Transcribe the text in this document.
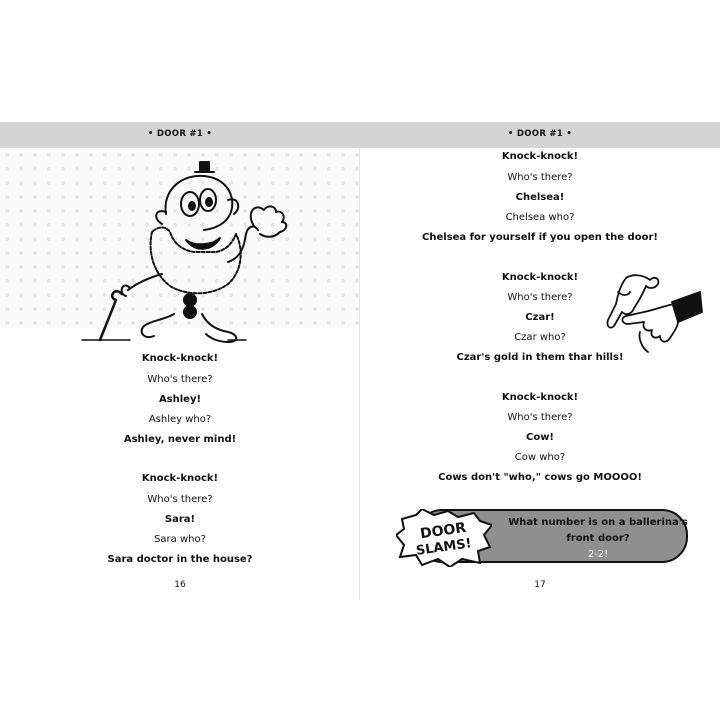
• DOOR #1 •	• DOOR #1 •
Knock-knock!
Who's there?
Ashley!
Ashley who?
Ashley, never mind!
Knock-knock!
Who's there?
Sara!
Sara who?
Sara doctor in the house?
16
Knock-knock!
Who's there?
Chelsea!
Chelsea who?
Chelsea for yourself if you open the door!
Knock-knock!
Who's there?
Czar!
Czar who?
Czar's gold in them thar hills!
Knock-knock!
Who's there?
Cow!
Cow who?
Cows don't "who," cows go MOOOO!
17
What number is on a ballerina's front door?
2-2!
DOOR
SLAMS!
